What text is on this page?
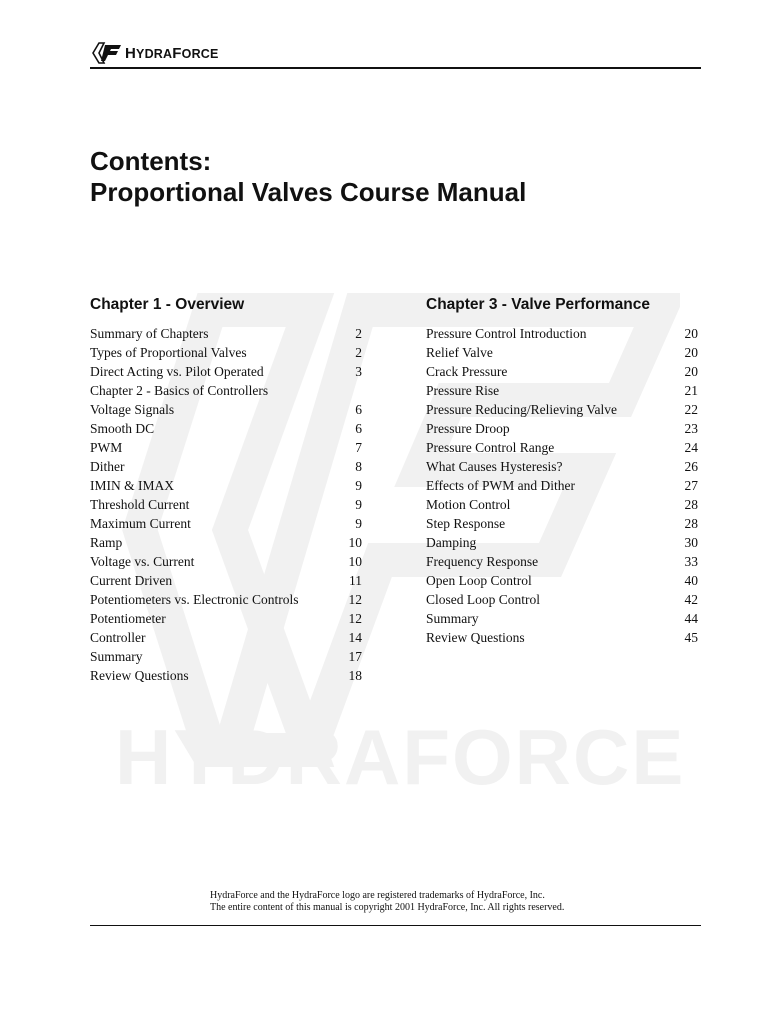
HYDRAFORCE
HYDRAFORCE
Contents:
Proportional Valves Course Manual
Chapter 1 - Overview
Summary of Chapters	2
Types of Proportional Valves	2
Direct Acting vs. Pilot Operated	3
Chapter 2 - Basics of Controllers
Voltage Signals	6
Smooth DC	6
PWM	7
Dither	8
IMIN & IMAX	9
Threshold Current	9
Maximum Current	9
Ramp	10
Voltage vs. Current	10
Current Driven	11
Potentiometers vs. Electronic Controls	12
Potentiometer	12
Controller	14
Summary	17
Review Questions	18
Chapter 3 - Valve Performance
Pressure Control Introduction	20
Relief Valve	20
Crack Pressure	20
Pressure Rise	21
Pressure Reducing/Relieving Valve	22
Pressure Droop	23
Pressure Control Range	24
What Causes Hysteresis?	26
Effects of PWM and Dither	27
Motion Control	28
Step Response	28
Damping	30
Frequency Response	33
Open Loop Control	40
Closed Loop Control	42
Summary	44
Review Questions	45
HydraForce and the HydraForce logo are registered trademarks of HydraForce, Inc.
The entire content of this manual is copyright 2001 HydraForce, Inc. All rights reserved.
